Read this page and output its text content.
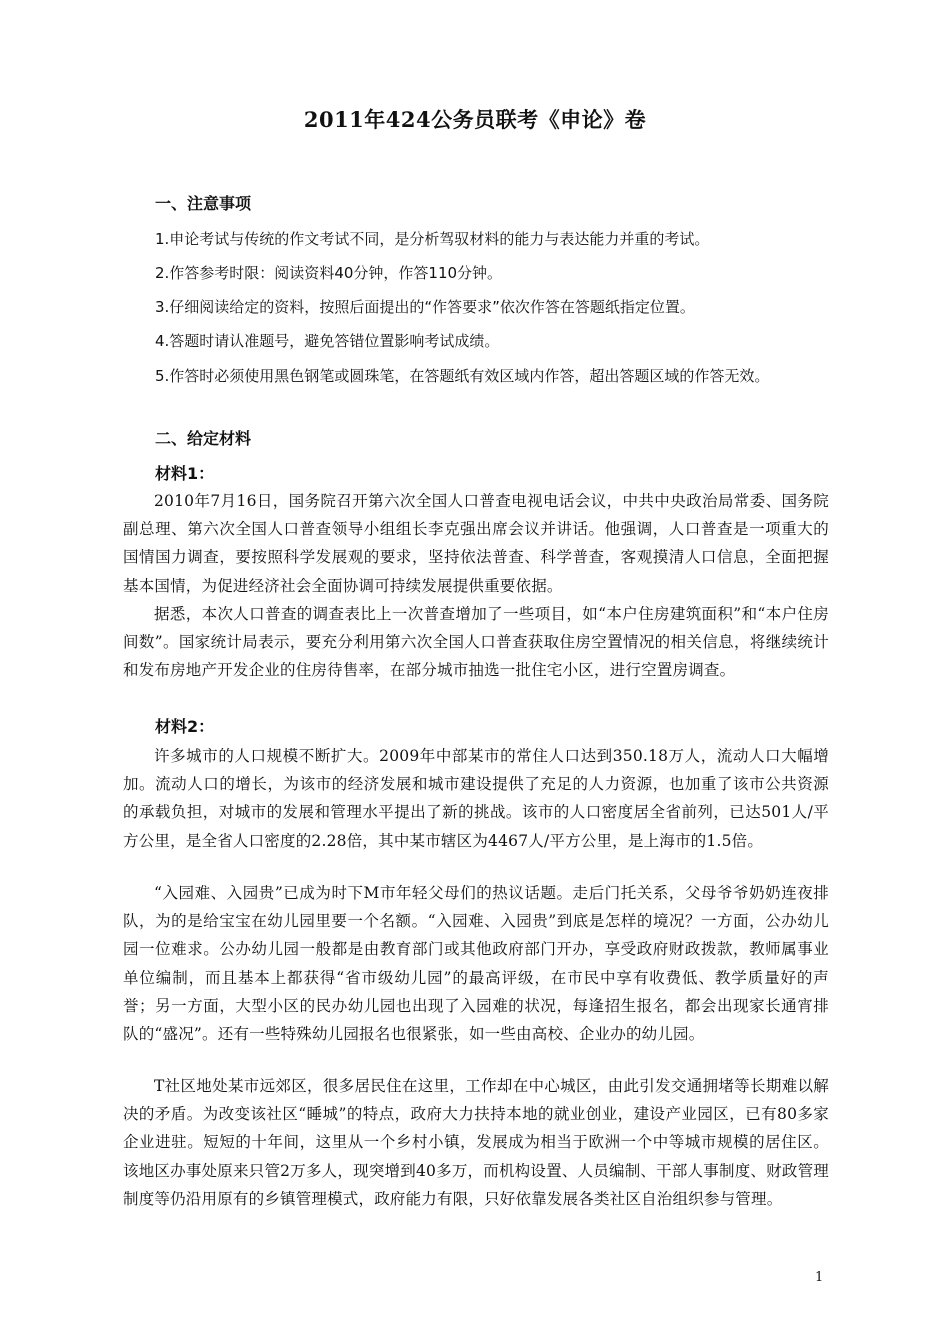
2011年424公务员联考《申论》卷
一、注意事项
1.申论考试与传统的作文考试不同，是分析驾驭材料的能力与表达能力并重的考试。
2.作答参考时限：阅读资料40分钟，作答110分钟。
3.仔细阅读给定的资料，按照后面提出的“作答要求”依次作答在答题纸指定位置。
4.答题时请认准题号，避免答错位置影响考试成绩。
5.作答时必须使用黑色钢笔或圆珠笔，在答题纸有效区域内作答，超出答题区域的作答无效。
二、给定材料
材料1：
2010年7月16日，国务院召开第六次全国人口普查电视电话会议，中共中央政治局常委、国务院副总理、第六次全国人口普查领导小组组长李克强出席会议并讲话。他强调，人口普查是一项重大的国情国力调查，要按照科学发展观的要求，坚持依法普查、科学普查，客观摸清人口信息，全面把握基本国情，为促进经济社会全面协调可持续发展提供重要依据。
据悉，本次人口普查的调查表比上一次普查增加了一些项目，如“本户住房建筑面积”和“本户住房间数”。国家统计局表示，要充分利用第六次全国人口普查获取住房空置情况的相关信息，将继续统计和发布房地产开发企业的住房待售率，在部分城市抽选一批住宅小区，进行空置房调查。
材料2：
许多城市的人口规模不断扩大。2009年中部某市的常住人口达到350.18万人，流动人口大幅增加。流动人口的增长，为该市的经济发展和城市建设提供了充足的人力资源，也加重了该市公共资源的承载负担，对城市的发展和管理水平提出了新的挑战。该市的人口密度居全省前列，已达501人/平方公里，是全省人口密度的2.28倍，其中某市辖区为4467人/平方公里，是上海市的1.5倍。
“入园难、入园贵”已成为时下M市年轻父母们的热议话题。走后门托关系，父母爷爷奶奶连夜排队，为的是给宝宝在幼儿园里要一个名额。“入园难、入园贵”到底是怎样的境况？一方面，公办幼儿园一位难求。公办幼儿园一般都是由教育部门或其他政府部门开办，享受政府财政拨款，教师属事业单位编制，而且基本上都获得“省市级幼儿园”的最高评级，在市民中享有收费低、教学质量好的声誉；另一方面，大型小区的民办幼儿园也出现了入园难的状况，每逢招生报名，都会出现家长通宵排队的“盛况”。还有一些特殊幼儿园报名也很紧张，如一些由高校、企业办的幼儿园。
T社区地处某市远郊区，很多居民住在这里，工作却在中心城区，由此引发交通拥堵等长期难以解决的矛盾。为改变该社区“睡城”的特点，政府大力扶持本地的就业创业，建设产业园区，已有80多家企业进驻。短短的十年间，这里从一个乡村小镇，发展成为相当于欧洲一个中等城市规模的居住区。该地区办事处原来只管2万多人，现突增到40多万，而机构设置、人员编制、干部人事制度、财政管理制度等仍沿用原有的乡镇管理模式，政府能力有限，只好依靠发展各类社区自治组织参与管理。
1
